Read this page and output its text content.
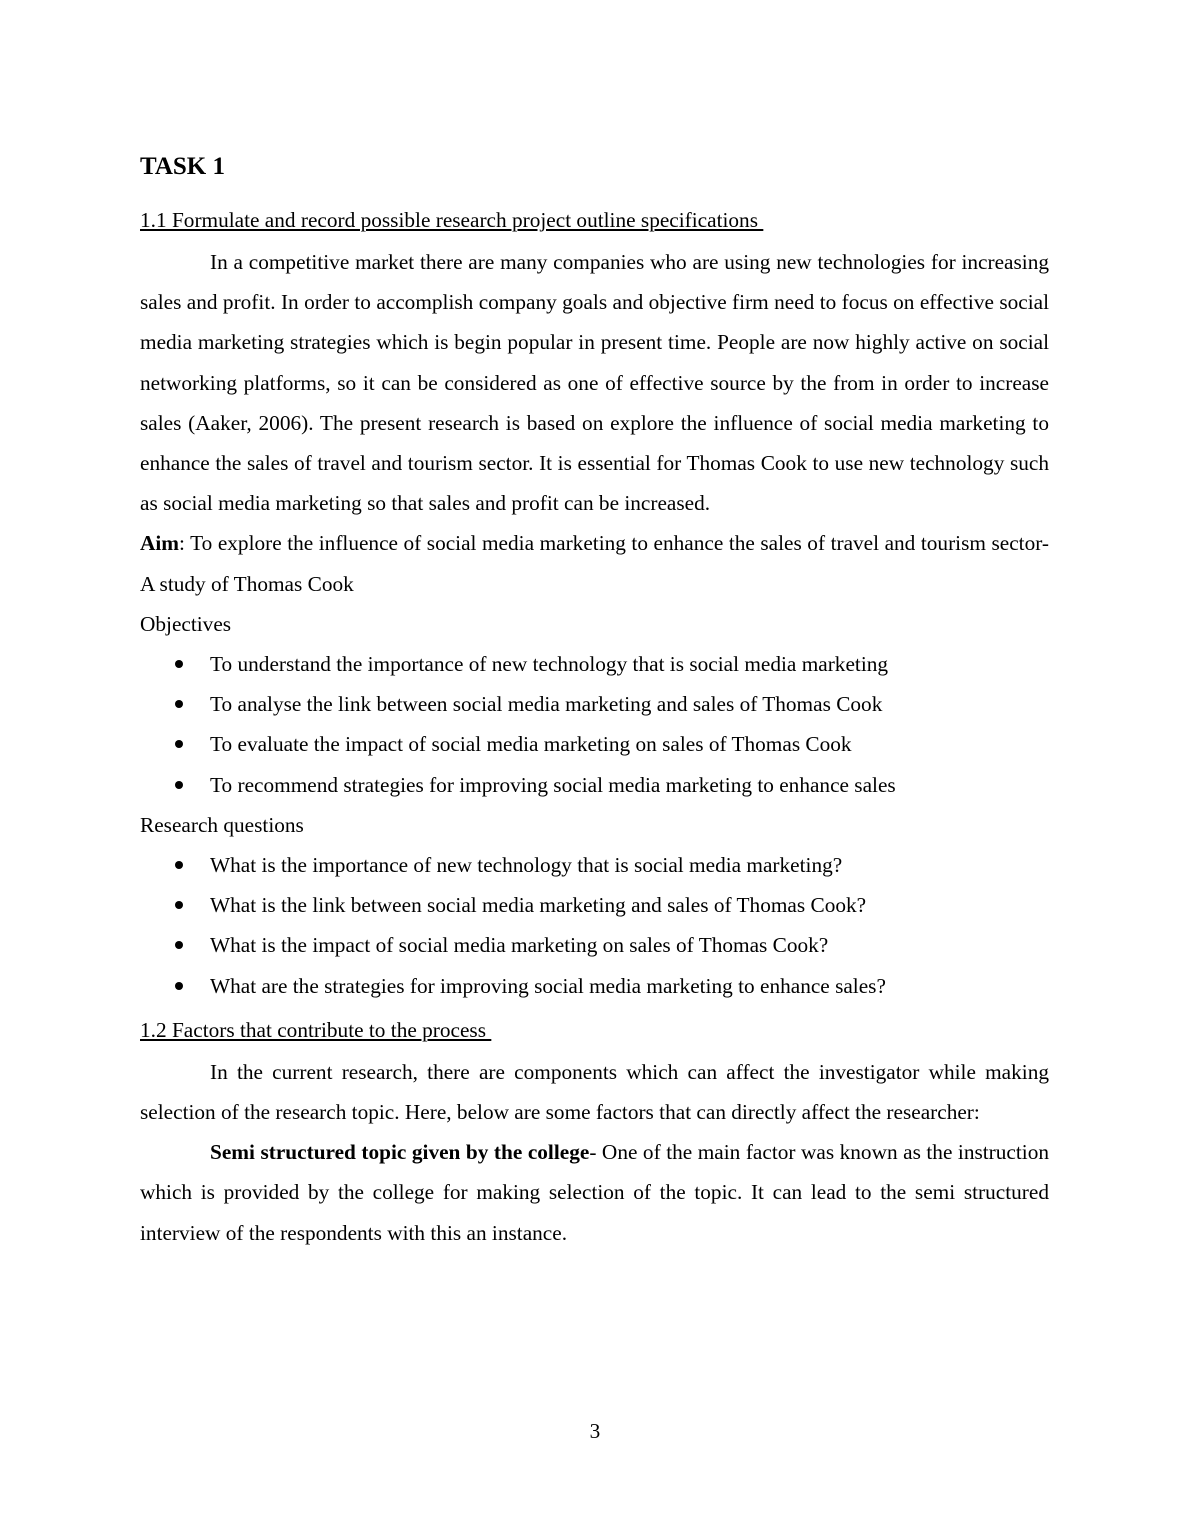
TASK 1
1.1 Formulate and record possible research project outline specifications

In a competitive market there are many companies who are using new technologies for increasing sales and profit. In order to accomplish company goals and objective firm need to focus on effective social media marketing strategies which is begin popular in present time. People are now highly active on social networking platforms, so it can be considered as one of effective source by the from in order to increase sales (Aaker, 2006). The present research is based on explore the influence of social media marketing to enhance the sales of travel and tourism sector. It is essential for Thomas Cook to use new technology such as social media marketing so that sales and profit can be increased.

Aim: To explore the influence of social media marketing to enhance the sales of travel and tourism sector- A study of Thomas Cook

Objectives

To understand the importance of new technology that is social media marketing
To analyse the link between social media marketing and sales of Thomas Cook
To evaluate the impact of social media marketing on sales of Thomas Cook
To recommend strategies for improving social media marketing to enhance sales

Research questions

What is the importance of new technology that is social media marketing?
What is the link between social media marketing and sales of Thomas Cook?
What is the impact of social media marketing on sales of Thomas Cook?
What are the strategies for improving social media marketing to enhance sales?
1.2 Factors that contribute to the process

In the current research, there are components which can affect the investigator while making selection of the research topic. Here, below are some factors that can directly affect the researcher:

Semi structured topic given by the college- One of the main factor was known as the instruction which is provided by the college for making selection of the topic. It can lead to the semi structured interview of the respondents with this an instance.

3
